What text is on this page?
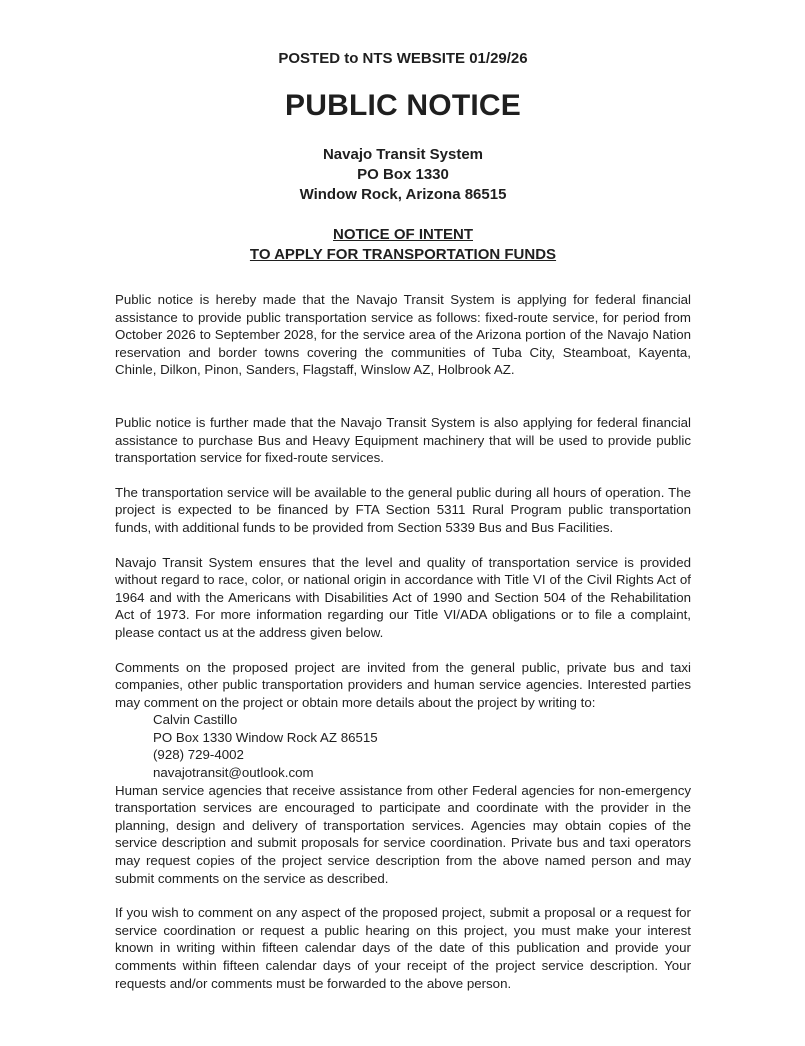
POSTED to NTS WEBSITE 01/29/26
PUBLIC NOTICE
Navajo Transit System
PO Box 1330
Window Rock, Arizona 86515
NOTICE OF INTENT
TO APPLY FOR TRANSPORTATION FUNDS

Public notice is hereby made that the Navajo Transit System is applying for federal financial assistance to provide public transportation service as follows: fixed-route service, for period from October 2026 to September 2028, for the service area of the Arizona portion of the Navajo Nation reservation and border towns covering the communities of Tuba City, Steamboat, Kayenta, Chinle, Dilkon, Pinon, Sanders, Flagstaff, Winslow AZ, Holbrook AZ.

Public notice is further made that the Navajo Transit System is also applying for federal financial assistance to purchase Bus and Heavy Equipment machinery that will be used to provide public transportation service for fixed-route services.

The transportation service will be available to the general public during all hours of operation. The project is expected to be financed by FTA Section 5311 Rural Program public transportation funds, with additional funds to be provided from Section 5339 Bus and Bus Facilities.

Navajo Transit System ensures that the level and quality of transportation service is provided without regard to race, color, or national origin in accordance with Title VI of the Civil Rights Act of 1964 and with the Americans with Disabilities Act of 1990 and Section 504 of the Rehabilitation Act of 1973. For more information regarding our Title VI/ADA obligations or to file a complaint, please contact us at the address given below.

Comments on the proposed project are invited from the general public, private bus and taxi companies, other public transportation providers and human service agencies. Interested parties may comment on the project or obtain more details about the project by writing to:

Calvin Castillo
PO Box 1330 Window Rock AZ 86515
(928) 729-4002
navajotransit@outlook.com

Human service agencies that receive assistance from other Federal agencies for non-emergency transportation services are encouraged to participate and coordinate with the provider in the planning, design and delivery of transportation services. Agencies may obtain copies of the service description and submit proposals for service coordination. Private bus and taxi operators may request copies of the project service description from the above named person and may submit comments on the service as described.

If you wish to comment on any aspect of the proposed project, submit a proposal or a request for service coordination or request a public hearing on this project, you must make your interest known in writing within fifteen calendar days of the date of this publication and provide your comments within fifteen calendar days of your receipt of the project service description. Your requests and/or comments must be forwarded to the above person.
